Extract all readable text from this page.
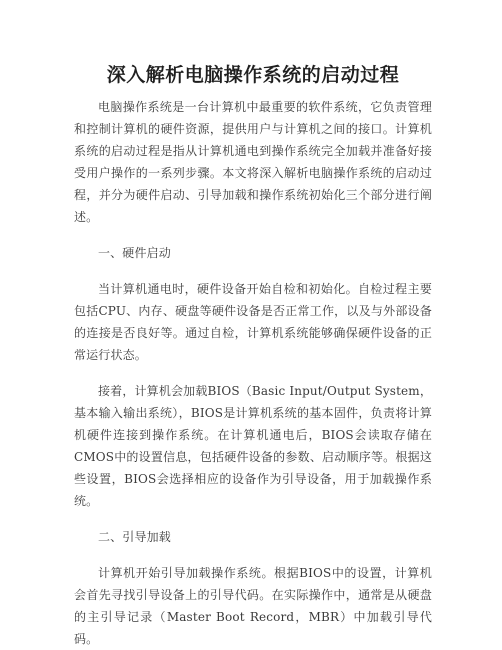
深入解析电脑操作系统的启动过程

电脑操作系统是一台计算机中最重要的软件系统，它负责管理和控制计算机的硬件资源，提供用户与计算机之间的接口。计算机系统的启动过程是指从计算机通电到操作系统完全加载并准备好接受用户操作的一系列步骤。本文将深入解析电脑操作系统的启动过程，并分为硬件启动、引导加载和操作系统初始化三个部分进行阐述。

一、硬件启动

当计算机通电时，硬件设备开始自检和初始化。自检过程主要包括CPU、内存、硬盘等硬件设备是否正常工作，以及与外部设备的连接是否良好等。通过自检，计算机系统能够确保硬件设备的正常运行状态。

接着，计算机会加载BIOS（Basic Input/Output System，基本输入输出系统），BIOS是计算机系统的基本固件，负责将计算机硬件连接到操作系统。在计算机通电后，BIOS会读取存储在CMOS中的设置信息，包括硬件设备的参数、启动顺序等。根据这些设置，BIOS会选择相应的设备作为引导设备，用于加载操作系统。

二、引导加载

计算机开始引导加载操作系统。根据BIOS中的设置，计算机会首先寻找引导设备上的引导代码。在实际操作中，通常是从硬盘的主引导记录（Master Boot Record，MBR）中加载引导代码。
